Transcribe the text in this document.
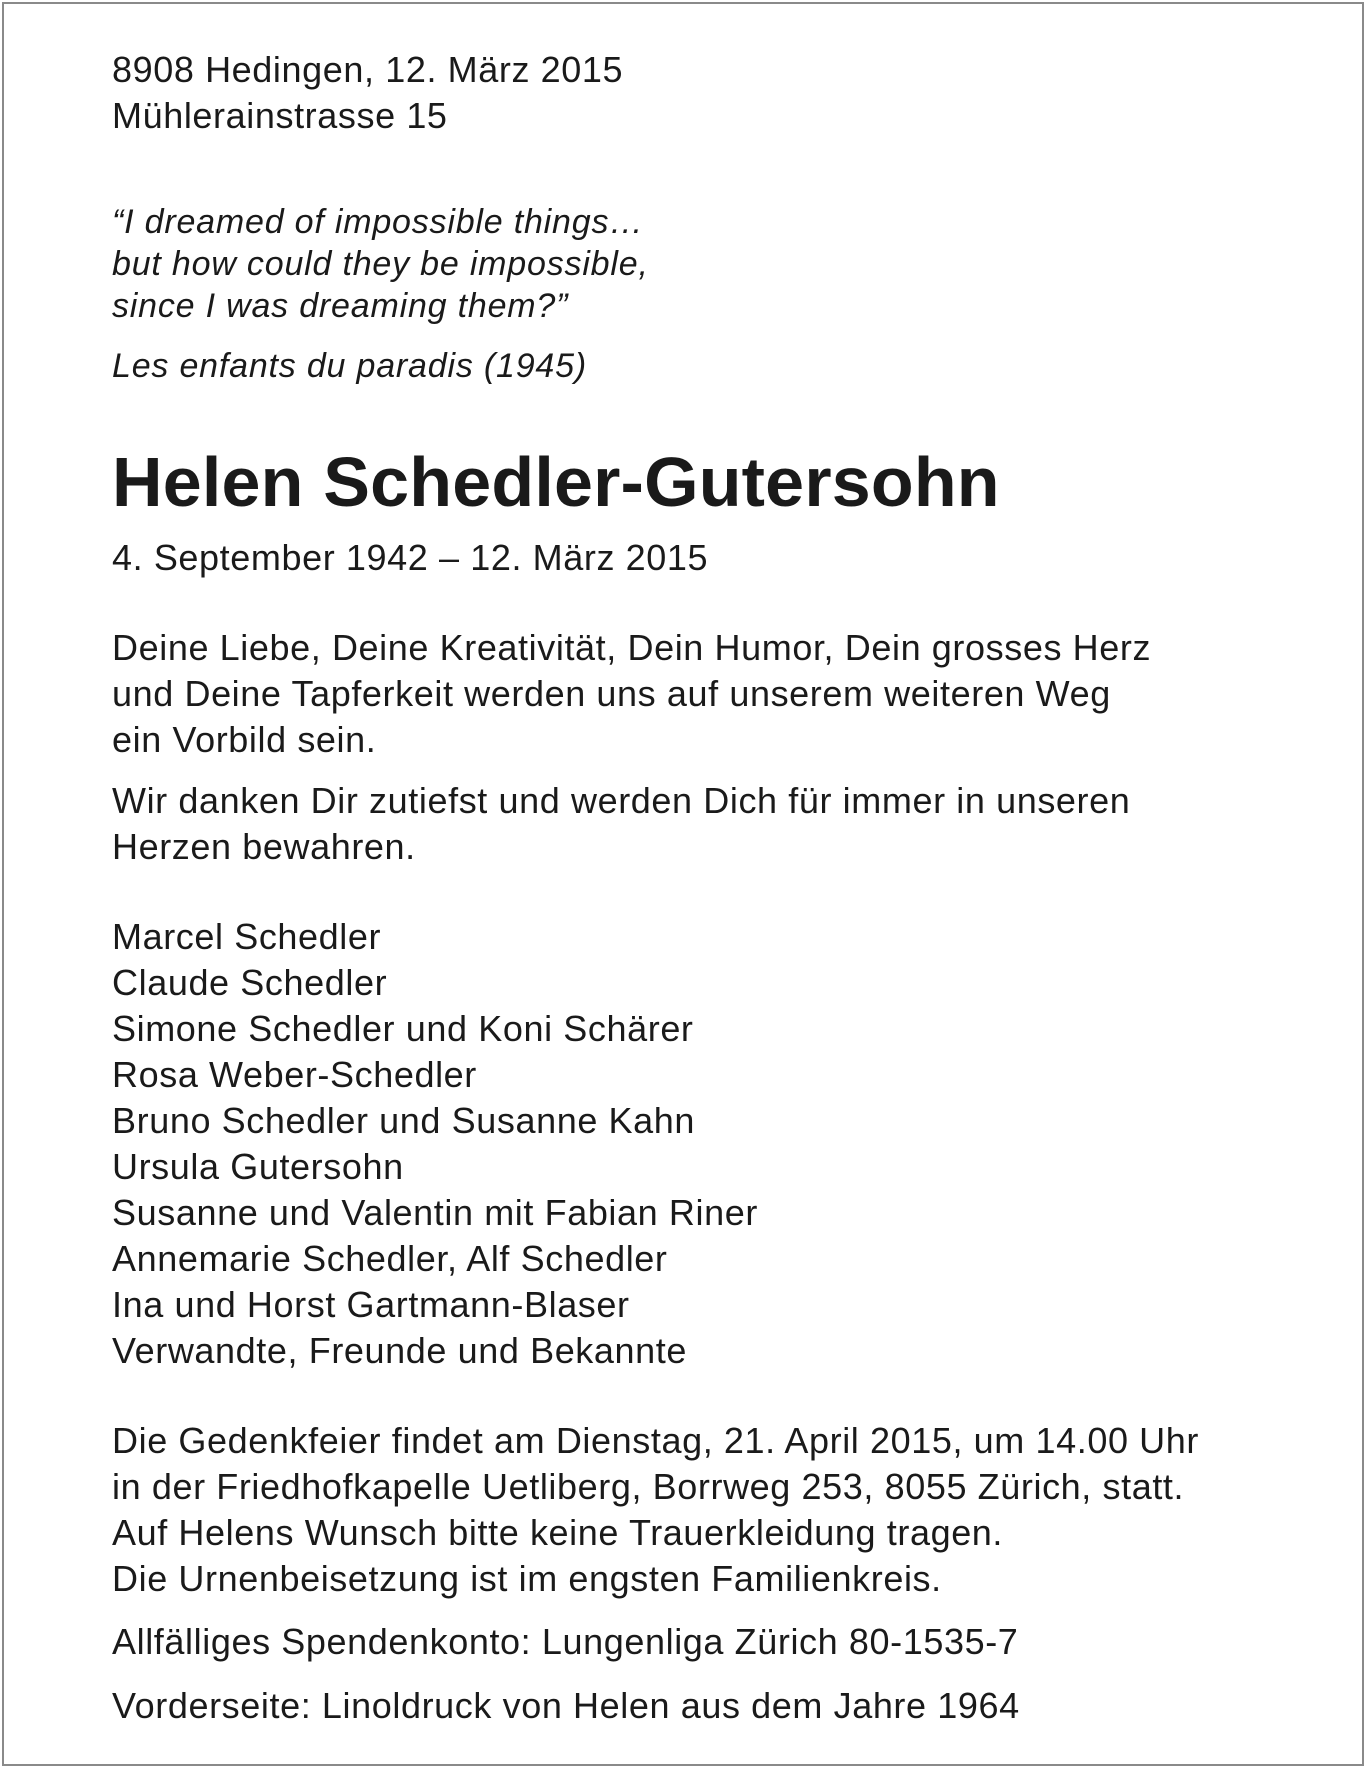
8908 Hedingen, 12. März 2015
Mühlerainstrasse 15
“I dreamed of impossible things…
but how could they be impossible,
since I was dreaming them?”
Les enfants du paradis (1945)
Helen Schedler-Gutersohn
4. September 1942 – 12. März 2015
Deine Liebe, Deine Kreativität, Dein Humor, Dein grosses Herz
und Deine Tapferkeit werden uns auf unserem weiteren Weg
ein Vorbild sein.
Wir danken Dir zutiefst und werden Dich für immer in unseren
Herzen bewahren.
Marcel Schedler
Claude Schedler
Simone Schedler und Koni Schärer
Rosa Weber-Schedler
Bruno Schedler und Susanne Kahn
Ursula Gutersohn
Susanne und Valentin mit Fabian Riner
Annemarie Schedler, Alf Schedler
Ina und Horst Gartmann-Blaser
Verwandte, Freunde und Bekannte
Die Gedenkfeier findet am Dienstag, 21. April 2015, um 14.00 Uhr
in der Friedhofkapelle Uetliberg, Borrweg 253, 8055 Zürich, statt.
Auf Helens Wunsch bitte keine Trauerkleidung tragen.
Die Urnenbeisetzung ist im engsten Familienkreis.
Allfälliges Spendenkonto: Lungenliga Zürich 80-1535-7
Vorderseite: Linoldruck von Helen aus dem Jahre 1964
